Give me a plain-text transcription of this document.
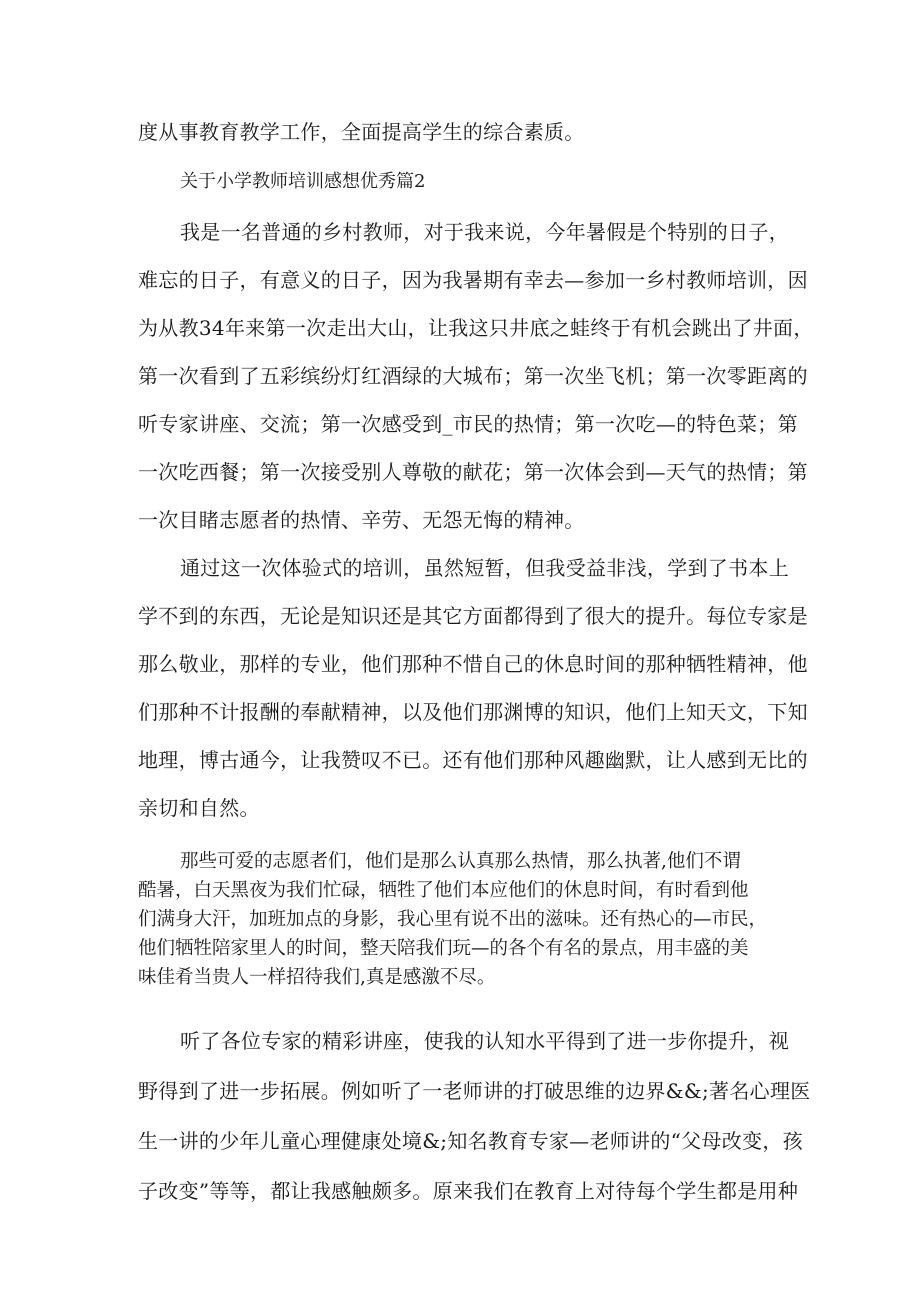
度从事教育教学工作，全面提高学生的综合素质。
关于小学教师培训感想优秀篇2
我是一名普通的乡村教师，对于我来说，今年暑假是个特别的日子，
难忘的日子，有意义的日子，因为我暑期有幸去—参加一乡村教师培训，因
为从教34年来第一次走出大山，让我这只井底之蛙终于有机会跳出了井面，
第一次看到了五彩缤纷灯红酒绿的大城布；第一次坐飞机；第一次零距离的
听专家讲座、交流；第一次感受到_市民的热情；第一次吃—的特色菜；第
一次吃西餐；第一次接受别人尊敬的献花；第一次体会到—天气的热情；第
一次目睹志愿者的热情、辛劳、无怨无悔的精神。
通过这一次体验式的培训，虽然短暂，但我受益非浅，学到了书本上
学不到的东西，无论是知识还是其它方面都得到了很大的提升。每位专家是
那么敬业，那样的专业，他们那种不惜自己的休息时间的那种牺牲精神，他
们那种不计报酬的奉献精神，以及他们那渊博的知识，他们上知天文，下知
地理，博古通今，让我赞叹不已。还有他们那种风趣幽默，让人感到无比的
亲切和自然。
那些可爱的志愿者们，他们是那么认真那么热情，那么执著,他们不谓
酷暑，白天黑夜为我们忙碌，牺牲了他们本应他们的休息时间，有时看到他
们满身大汗，加班加点的身影，我心里有说不出的滋味。还有热心的—市民，
他们牺牲陪家里人的时间，整天陪我们玩—的各个有名的景点，用丰盛的美
味佳肴当贵人一样招待我们,真是感激不尽。
听了各位专家的精彩讲座，使我的认知水平得到了进一步你提升，视
野得到了进一步拓展。例如听了一老师讲的打破思维的边界&&;著名心理医
生一讲的少年儿童心理健康处境&;知名教育专家—老师讲的“父母改变，孩
子改变”等等，都让我感触颇多。原来我们在教育上对待每个学生都是用种
